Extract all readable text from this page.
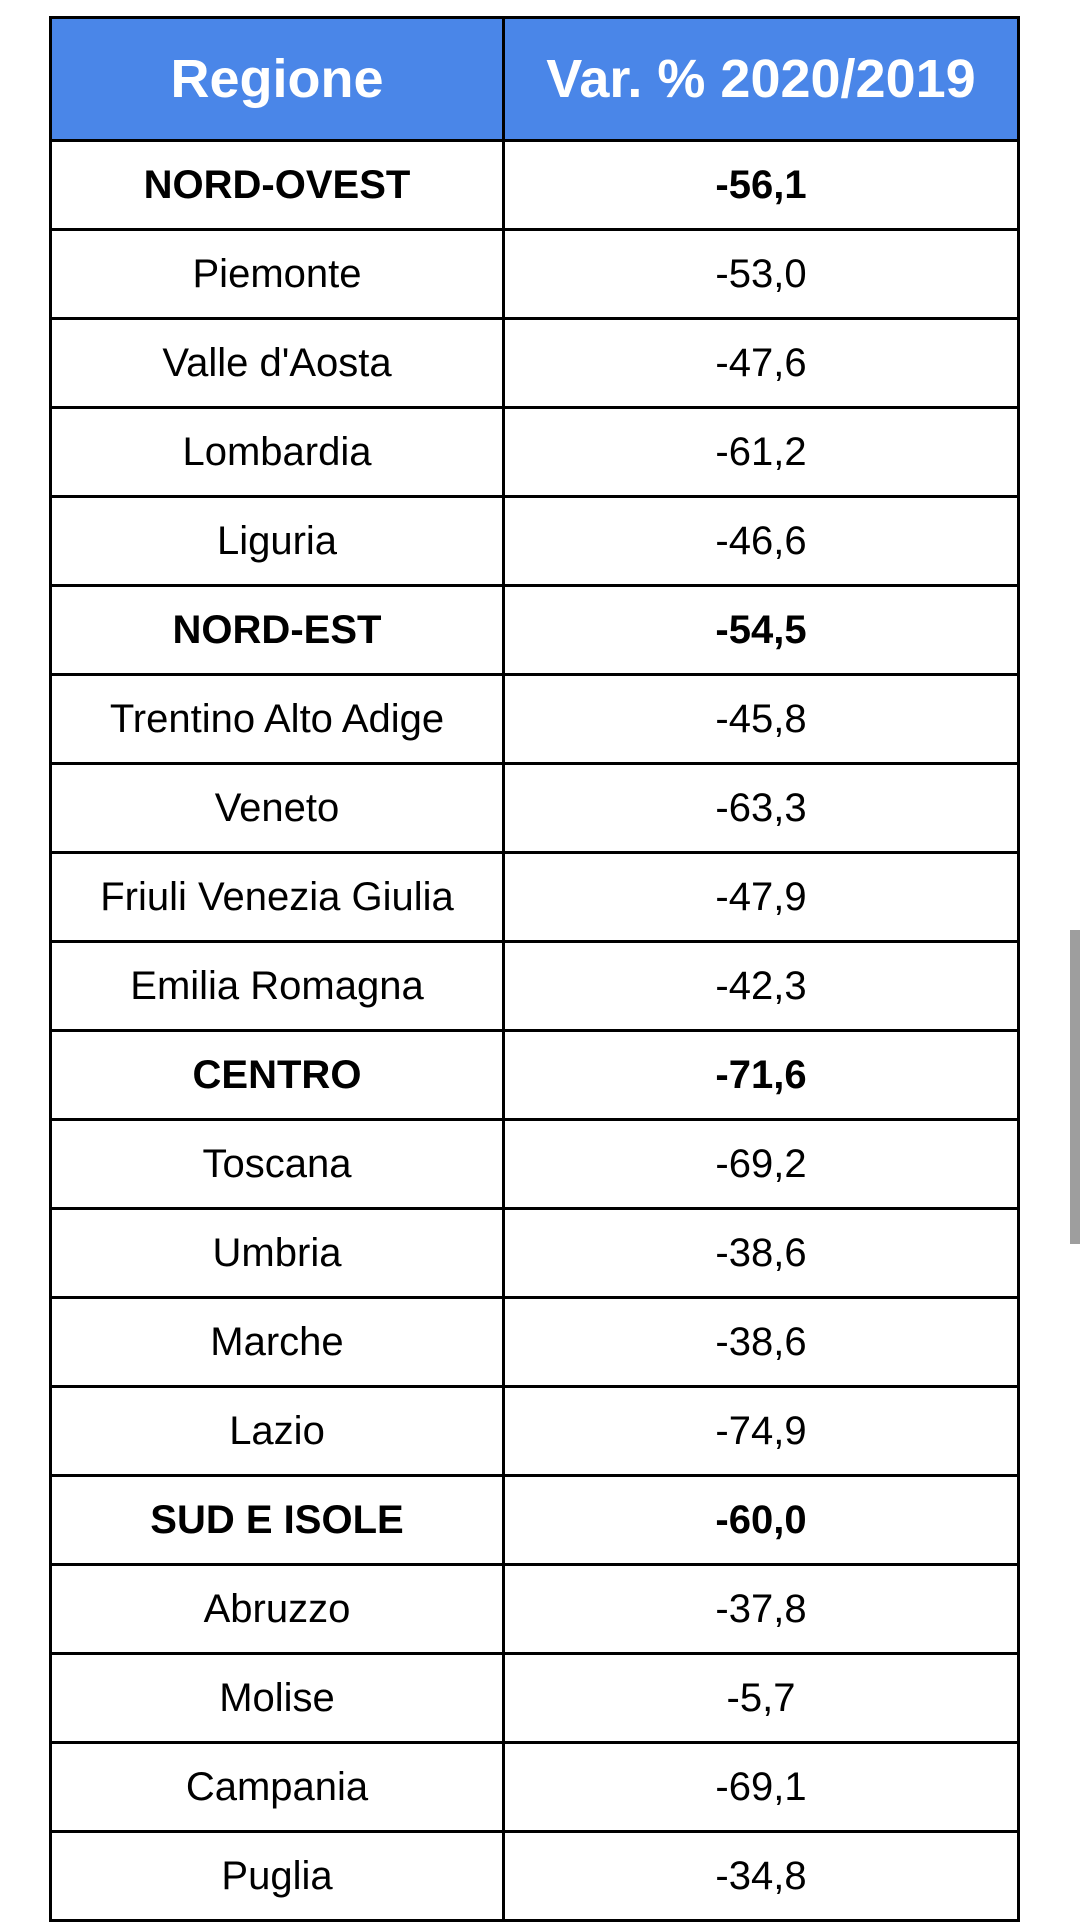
Regione	Var. % 2020/2019
NORD-OVEST	-56,1
Piemonte	-53,0
Valle d'Aosta	-47,6
Lombardia	-61,2
Liguria	-46,6
NORD-EST	-54,5
Trentino Alto Adige	-45,8
Veneto	-63,3
Friuli Venezia Giulia	-47,9
Emilia Romagna	-42,3
CENTRO	-71,6
Toscana	-69,2
Umbria	-38,6
Marche	-38,6
Lazio	-74,9
SUD E ISOLE	-60,0
Abruzzo	-37,8
Molise	-5,7
Campania	-69,1
Puglia	-34,8
